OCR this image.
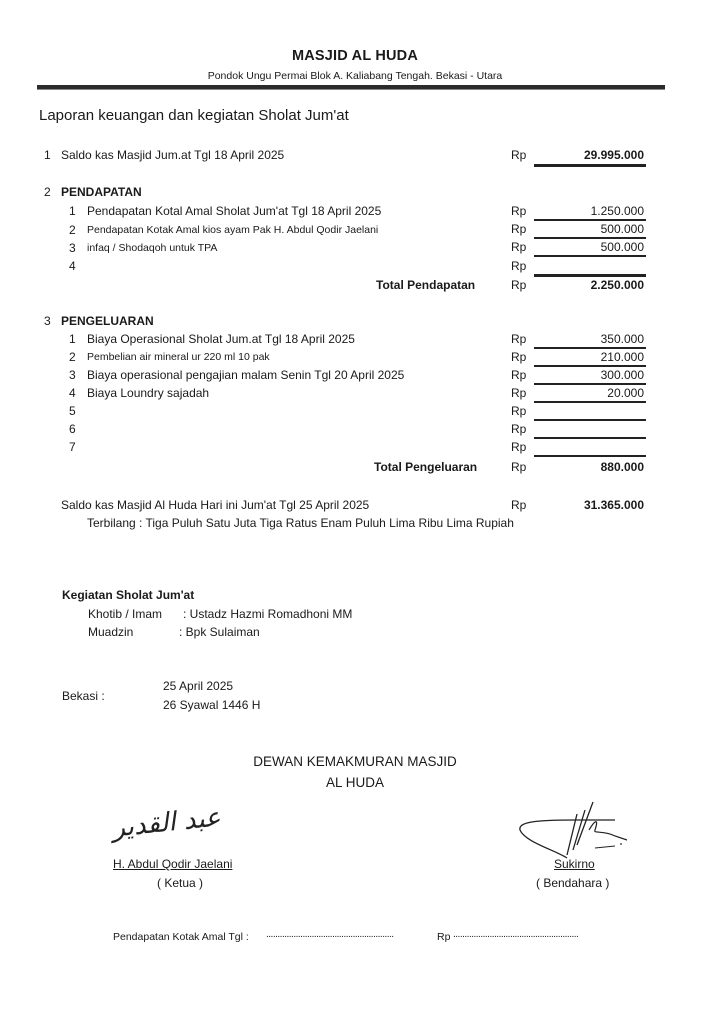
MASJID AL HUDA
Pondok Ungu Permai Blok A. Kaliabang Tengah. Bekasi - Utara
Laporan keuangan dan kegiatan Sholat Jum'at
1 Saldo kas Masjid Jum.at Tgl 18 April 2025	Rp	29.995.000
2 PENDAPATAN
1 Pendapatan Kotal Amal Sholat Jum'at Tgl 18 April 2025	Rp	1.250.000
2 Pendapatan Kotak Amal kios ayam Pak H. Abdul Qodir Jaelani	Rp	500.000
3 infaq / Shodaqoh untuk TPA	Rp	500.000
4	Rp
Total Pendapatan	Rp	2.250.000
3 PENGELUARAN
1 Biaya Operasional Sholat Jum.at Tgl 18 April 2025	Rp	350.000
2 Pembelian air mineral ur 220 ml 10 pak	Rp	210.000
3 Biaya operasional pengajian malam Senin Tgl 20 April 2025	Rp	300.000
4 Biaya Loundry sajadah	Rp	20.000
5	Rp
6	Rp
7	Rp
Total Pengeluaran	Rp	880.000
Saldo kas Masjid Al Huda Hari ini Jum'at Tgl 25 April 2025	Rp	31.365.000
Terbilang : Tiga Puluh Satu Juta Tiga Ratus Enam Puluh Lima Ribu Lima Rupiah
Kegiatan Sholat Jum'at
Khotib / Imam : Ustadz Hazmi Romadhoni MM
Muadzin	: Bpk Sulaiman
Bekasi :
25 April 2025
26 Syawal 1446 H
DEWAN KEMAKMURAN MASJID
AL HUDA
عبد القدير
H. Abdul Qodir Jaelani
( Ketua )
Sukirno
( Bendahara )
Pendapatan Kotak Amal Tgl : ........................................................	Rp .......................................................
